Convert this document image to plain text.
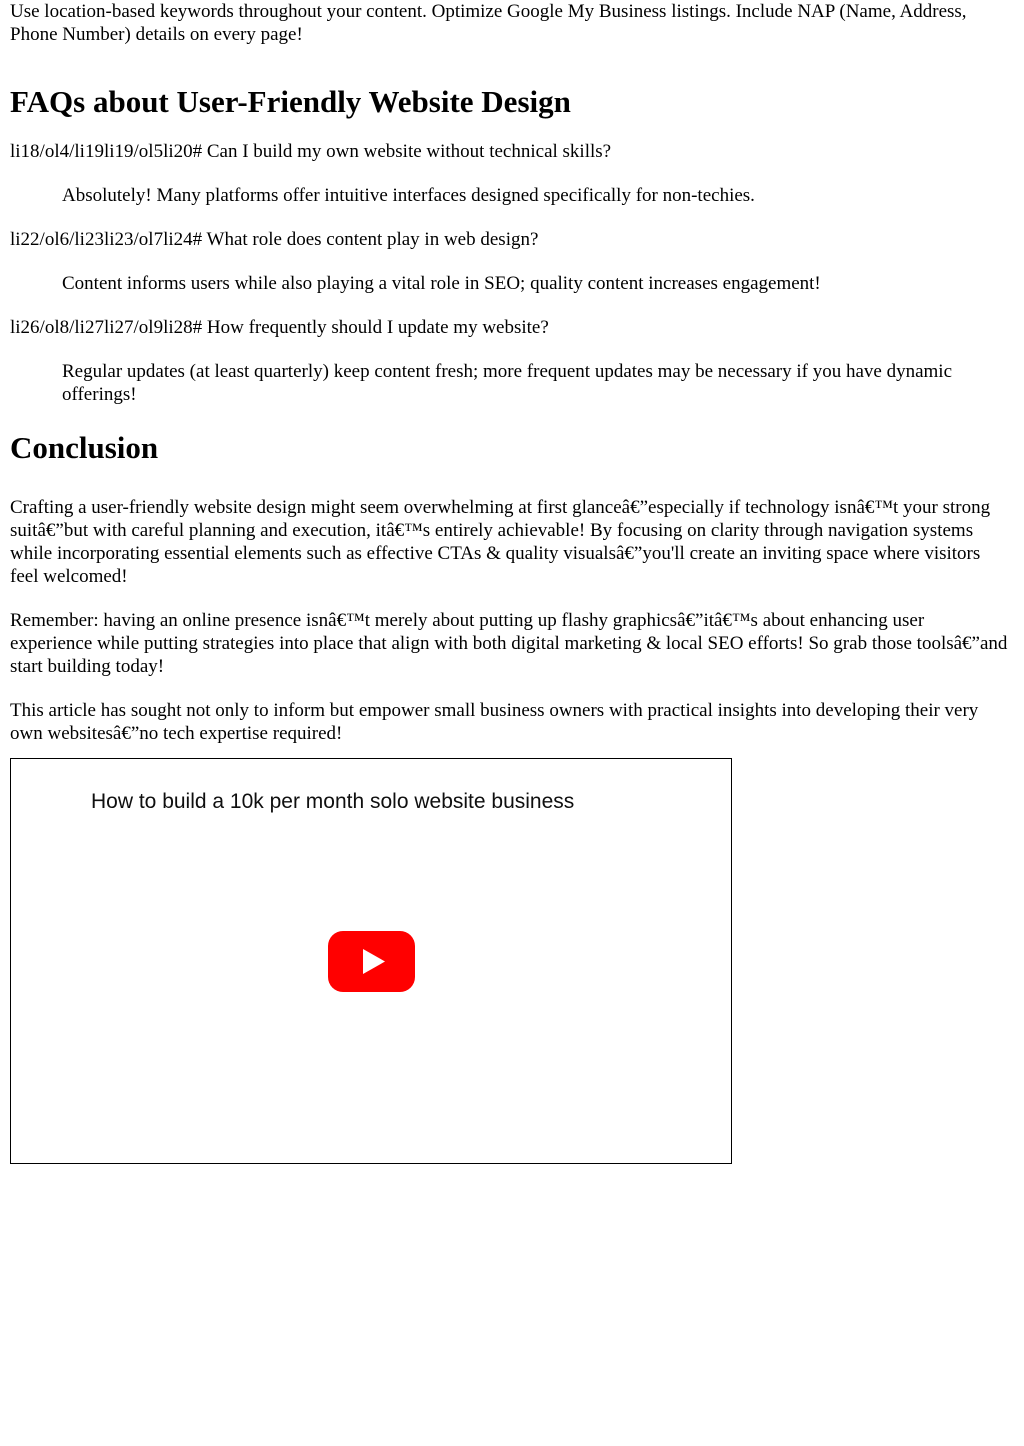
Use location-based keywords throughout your content. Optimize Google My Business listings. Include NAP (Name, Address, Phone Number) details on every page!

FAQs about User-Friendly Website Design

li18/ol4/li19li19/ol5li20# Can I build my own website without technical skills?

Absolutely! Many platforms offer intuitive interfaces designed specifically for non-techies.

li22/ol6/li23li23/ol7li24# What role does content play in web design?

Content informs users while also playing a vital role in SEO; quality content increases engagement!

li26/ol8/li27li27/ol9li28# How frequently should I update my website?

Regular updates (at least quarterly) keep content fresh; more frequent updates may be necessary if you have dynamic offerings!

Conclusion

Crafting a user-friendly website design might seem overwhelming at first glanceâ€”especially if technology isnâ€™t your strong suitâ€”but with careful planning and execution, itâ€™s entirely achievable! By focusing on clarity through navigation systems while incorporating essential elements such as effective CTAs & quality visualsâ€”you'll create an inviting space where visitors feel welcomed!

Remember: having an online presence isnâ€™t merely about putting up flashy graphicsâ€”itâ€™s about enhancing user experience while putting strategies into place that align with both digital marketing & local SEO efforts! So grab those toolsâ€”and start building today!

This article has sought not only to inform but empower small business owners with practical insights into developing their very own websitesâ€”no tech expertise required!

How to build a 10k per month solo website business
